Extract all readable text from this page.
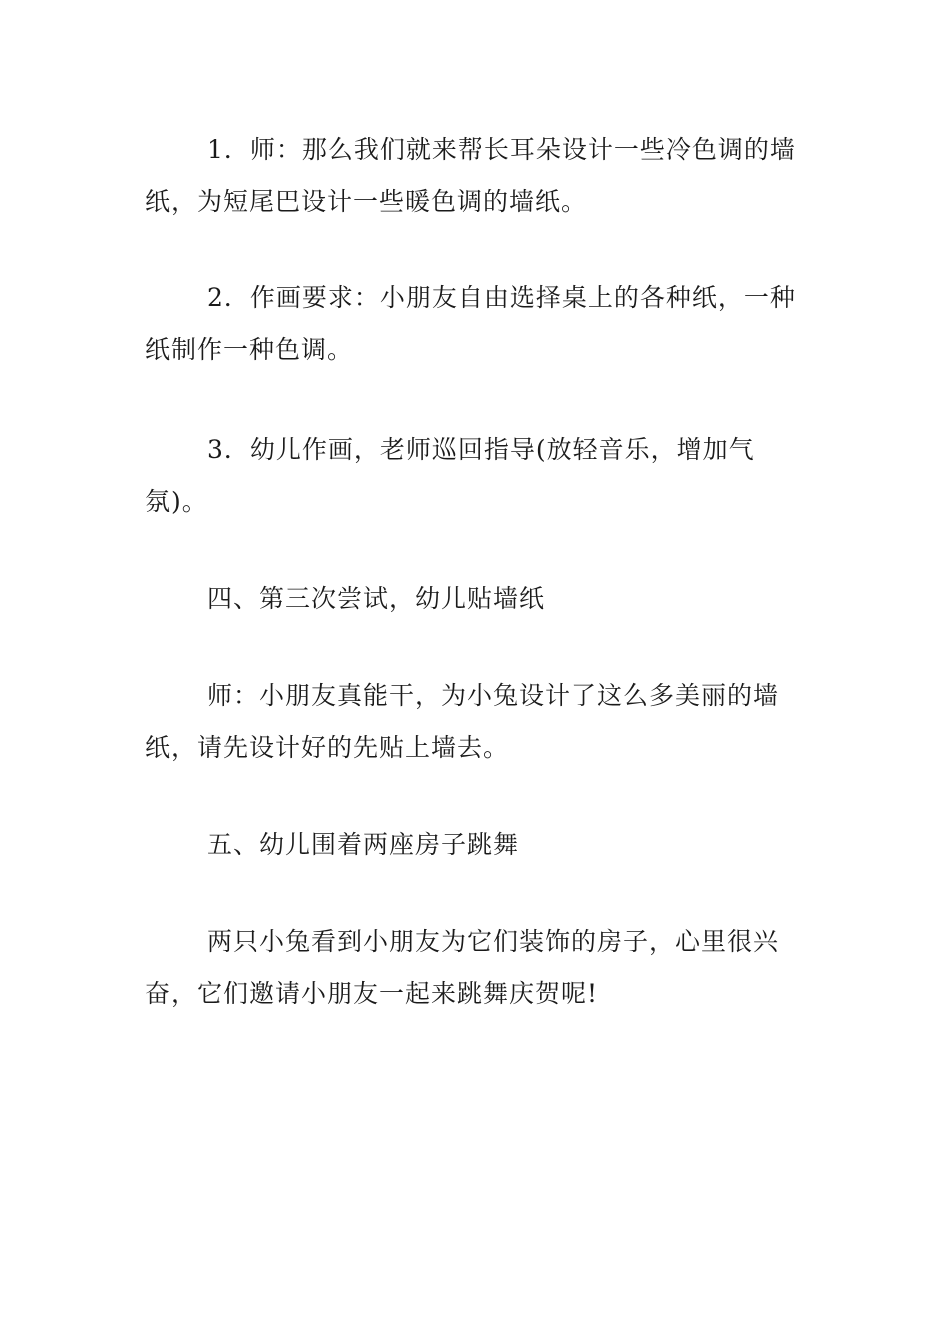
1．师：那么我们就来帮长耳朵设计一些冷色调的墙纸，为短尾巴设计一些暖色调的墙纸。

2．作画要求：小朋友自由选择桌上的各种纸，一种纸制作一种色调。

3．幼儿作画，老师巡回指导(放轻音乐，增加气氛)。

四、第三次尝试，幼儿贴墙纸

师：小朋友真能干，为小兔设计了这么多美丽的墙纸，请先设计好的先贴上墙去。

五、幼儿围着两座房子跳舞

两只小兔看到小朋友为它们装饰的房子，心里很兴奋，它们邀请小朋友一起来跳舞庆贺呢!
